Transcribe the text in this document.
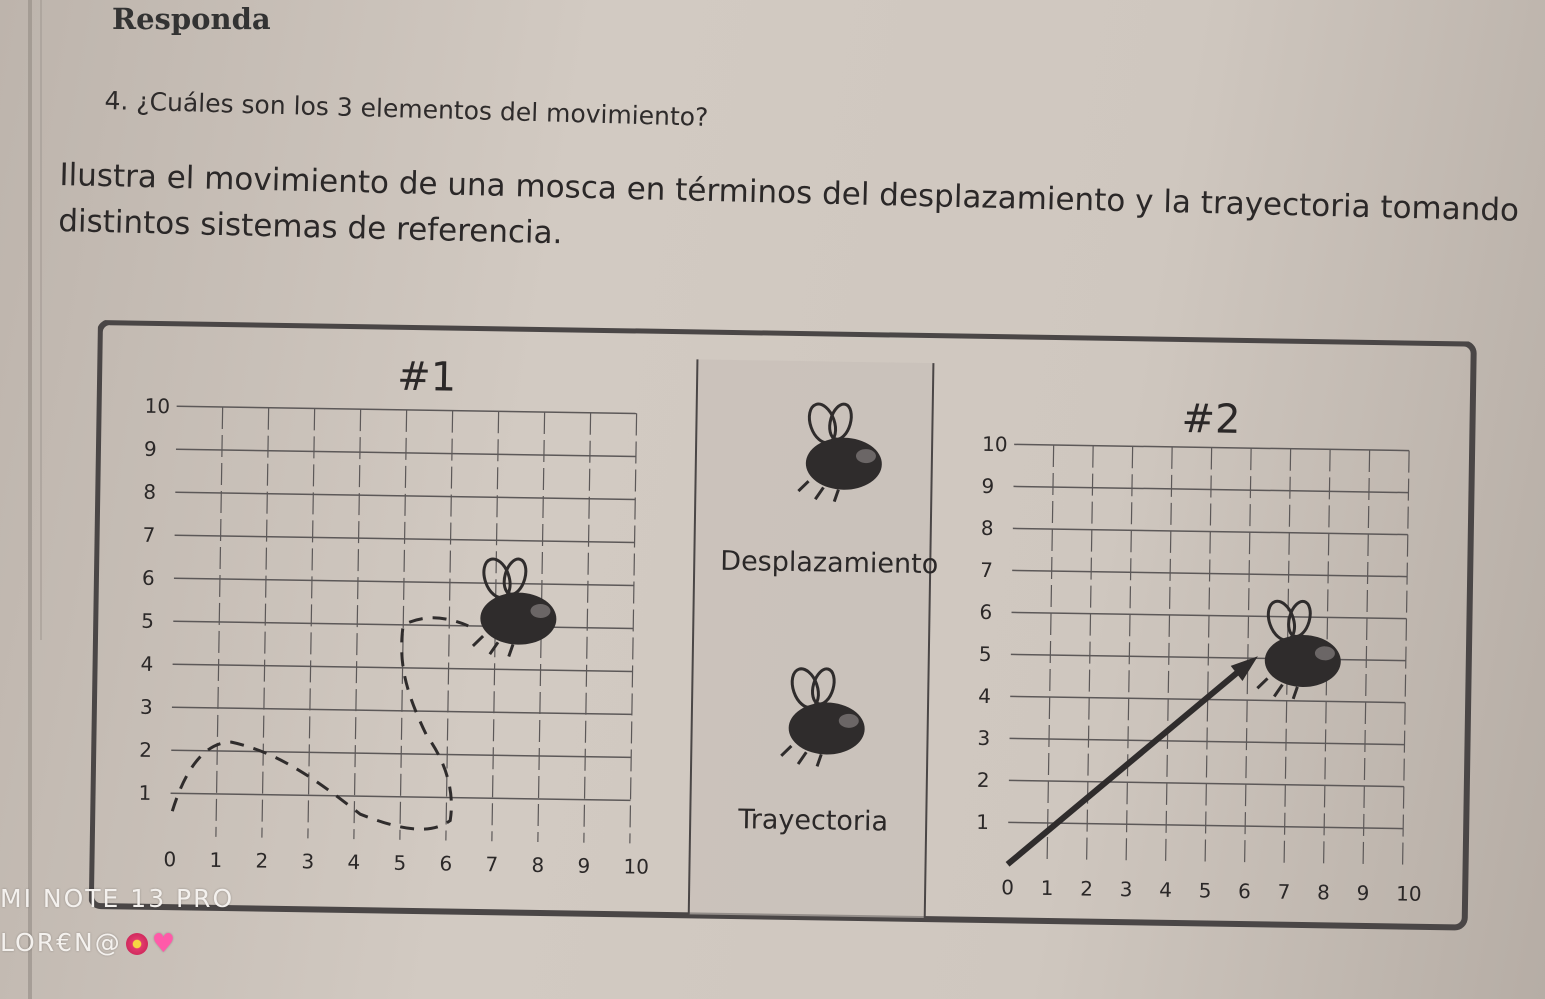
Responda
4. ¿Cuáles son los 3 elementos del movimiento?
Ilustra el movimiento de una mosca en términos del desplazamiento y la trayectoria tomando distintos sistemas de referencia.
#1
#2
0 1 2 3 4 5 6 7 8 9 10
1
2
3
4
5
6
7
8
9
10
0 1 2 3 4 5 6 7 8 9 10
1
2
3
4
5
6
7
8
9
10
Desplazamiento
Trayectoria
MI NOTE 13 PRO
LOR€N@ ♥
